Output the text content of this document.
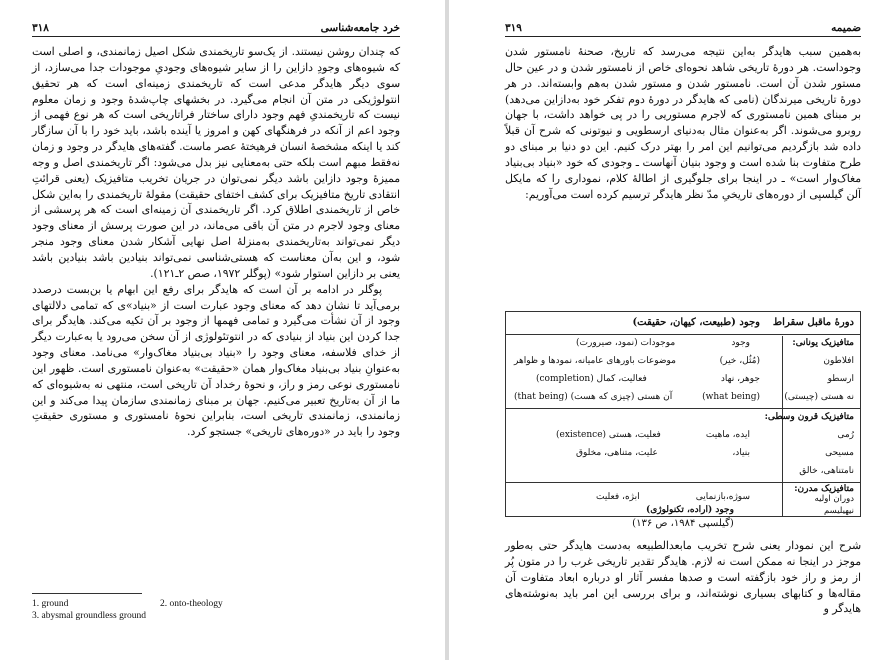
خرد جامعه‌شناسی
۳۱۸

که چندان روشن نیستند. از یک‌سو تاریخمندی شکل اصیل زمانمندی، و اصلی است که شیوه‌های وجودِ دازاین را از سایر شیوه‌های وجودیِ موجودات جدا می‌سازد، از سوی دیگر هایدگر مدعی است که تاریخمندی زمینه‌ای است که هر تحقیق انتولوژیکی در متن آن انجام می‌گیرد. در بخشهای چاپ‌شدهٔ وجود و زمان معلوم نیست که تاریخمندیِ فهم وجود دارای ساختار فراتاریخی است که هر نوع فهمی از وجود اعم از آنکه در فرهنگهای کهن و امروز یا آینده باشد، باید خود را با آن سازگار کند یا اینکه مشخصهٔ انسان فرهیختهٔ عصر ماست. گفته‌های هایدگر در وجود و زمان نه‌فقط مبهم است بلکه حتی به‌معنایی نیز بدل می‌شود: اگر تاریخمندی اصل و وجه ممیزهٔ وجود دازاین باشد دیگر نمی‌توان در جریان تخریب متافیزیک (یعنی قرائتِ انتقادی تاریخ متافیزیک برای کشف اختفای حقیقت) مقولهٔ تاریخمندی را به‌این شکل خاص از تاریخمندی اطلاق کرد. اگر تاریخمندی آن زمینه‌ای است که هر پرسشی از معنای وجود لاجرم در متن آن باقی می‌ماند، در این صورت پرسش از معنای وجود دیگر نمی‌تواند به‌تاریخمندی به‌منزلهٔ اصل نهایی آشکار شدن معنای وجود منجر شود، و این به‌آن معناست که هستی‌شناسی نمی‌تواند بنیادین باشد بنیادین باشد یعنی بر دازاین استوار شود» (پوگلر ۱۹۷۲، صص ۲ـ۱۲۱).

پوگلر در ادامه بر آن است که هایدگر برای رفع این ابهام یا بن‌بست درصدد برمی‌آید تا نشان دهد که معنای وجود عبارت است از «بنیاد»ی که تمامی دلالتهای وجود از آن نشأت می‌گیرد و تمامی فهمها از وجود بر آن تکیه می‌کند. هایدگر برای جدا کردن این بنیاد از بنیادی که در انتوتئولوژی از آن سخن می‌رود یا به‌عبارت دیگر از خدای فلاسفه، معنای وجود را «بنیاد بی‌بنیاد مغاک‌وار» می‌نامد. معنای وجود به‌عنوانِ بنیاد بی‌بنیاد مغاک‌وار همان «حقیقت» به‌عنوان نامستوری است. ظهور این نامستوری نوعی رمز و راز، و نحوهٔ رخداد آن تاریخی است، منتهی نه به‌شیوه‌ای که ما از آن به‌تاریخ تعبیر می‌کنیم. جهان بر مبنای زمانمندی سازمان پیدا می‌کند و این زمانمندی، زمانمندی تاریخی است، بنابراین نحوهٔ نامستوری و مستوری حقیقتِ وجود را باید در «دوره‌های تاریخی» جستجو کرد.

1. ground	2. onto-theology
3. abysmal groundless ground
ضمیمه
۳۱۹
به‌همین سبب هایدگر به‌این نتیجه می‌رسد که تاریخ، صحنهٔ نامستور شدن وجوداست. هر دورهٔ تاریخی شاهد نحوه‌ای خاص از نامستور شدن و در عین حال مستور شدن آن است. نامستور شدن و مستور شدن به‌هم وابسته‌اند. در هر دورهٔ تاریخی میرندگان (نامی که هایدگر در دورهٔ دوم تفکر خود به‌دازاین می‌دهد) بر مبنای همین نامستوری که لاجرم مستوریی را در پی خواهد داشت، با جهان روبرو می‌شوند. اگر به‌عنوان مثال به‌دنیای ارسطویی و نیوتونی که شرح آن قبلاً داده شد بازگردیم می‌توانیم این امر را بهتر درک کنیم. این دو دنیا بر مبنای دو طرح متفاوت بنا شده است و وجود بنیان آنهاست ـ وجودی که خود «بنیاد بی‌بنیاد مغاک‌وار است» ـ در اینجا برای جلوگیری از اطالهٔ کلام، نموداری را که مایکل آلن گیلسپی از دوره‌های تاریخیِ مدّ نظر هایدگر ترسیم کرده است می‌آوریم:
دورهٔ ماقبل سقراط
وجود (طبیعت، کیهان، حقیقت)
متافیزیک یونانی:
وجود
موجودات (نمود، صیرورت)
افلاطون
(مُثُل، خیر)
موضوعات باورهای عامیانه، نمودها و ظواهر
ارسطو
جوهر، نهاد
فعالیت، کمال (completion)
نه هستی (چیستی)
(what being)
آن هستی (چیزی که هست) (that being)
متافیزیک قرون وسطی:
رُمی
ایده، ماهیت
فعلیت، هستی (existence)
مسیحی
بنیاد،
علیت، متناهی، مخلوق
نامتناهی، خالق
متافیزیک مدرن:
دوران اولیه
سوژه،بازنمایی
ابژه، فعلیت
نیهیلیسم
وجود (اراده، تکنولوژی)
(گیلسپی ۱۹۸۴، ص ۱۳۶)
شرح این نمودار یعنی شرح تخریب مابعدالطبیعه به‌دست هایدگر حتی به‌طور موجز در اینجا نه ممکن است نه لازم. هایدگر تقدیر تاریخی غرب را در متون پُر از رمز و راز خود بازگفته است و صدها مفسر آثار او درباره ابعاد متفاوت آن مقاله‌ها و کتابهای بسیاری نوشته‌اند، و برای بررسی این امر باید به‌نوشته‌های هایدگر و
